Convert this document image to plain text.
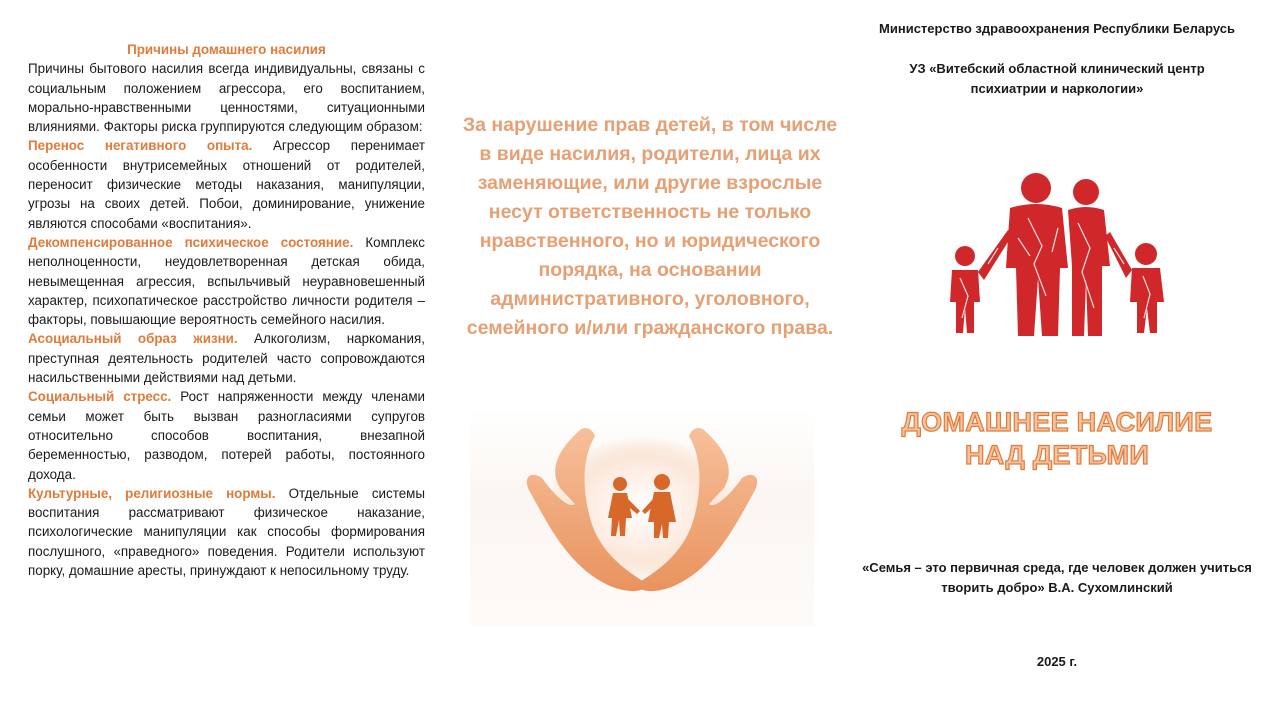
Причины домашнего насилия

Причины бытового насилия всегда индивидуальны, связаны с социальным положением агрессора, его воспитанием, морально-нравственными ценностями, ситуационными влияниями. Факторы риска группируются следующим образом:

Перенос негативного опыта. Агрессор перенимает особенности внутрисемейных отношений от родителей, переносит физические методы наказания, манипуляции, угрозы на своих детей. Побои, доминирование, унижение являются способами «воспитания».

Декомпенсированное психическое состояние. Комплекс неполноценности, неудовлетворенная детская обида, невымещенная агрессия, вспыльчивый неуравновешенный характер, психопатическое расстройство личности родителя – факторы, повышающие вероятность семейного насилия.

Асоциальный образ жизни. Алкоголизм, наркомания, преступная деятельность родителей часто сопровождаются насильственными действиями над детьми.

Социальный стресс. Рост напряженности между членами семьи может быть вызван разногласиями супругов относительно способов воспитания, внезапной беременностью, разводом, потерей работы, постоянного дохода.

Культурные, религиозные нормы. Отдельные системы воспитания рассматривают физическое наказание, психологические манипуляции как способы формирования послушного, «праведного» поведения. Родители используют порку, домашние аресты, принуждают к непосильному труду.

За нарушение прав детей, в том числе в виде насилия, родители, лица их заменяющие, или другие взрослые несут ответственность не только нравственного, но и юридического порядка, на основании административного, уголовного, семейного и/или гражданского права.
Министерство здравоохранения Республики Беларусь
УЗ «Витебский областной клинический центр
психиатрии и наркологии»
ДОМАШНЕЕ НАСИЛИЕ
НАД ДЕТЬМИ
«Семья – это первичная среда, где человек должен учиться творить добро» В.А. Сухомлинский
2025 г.
